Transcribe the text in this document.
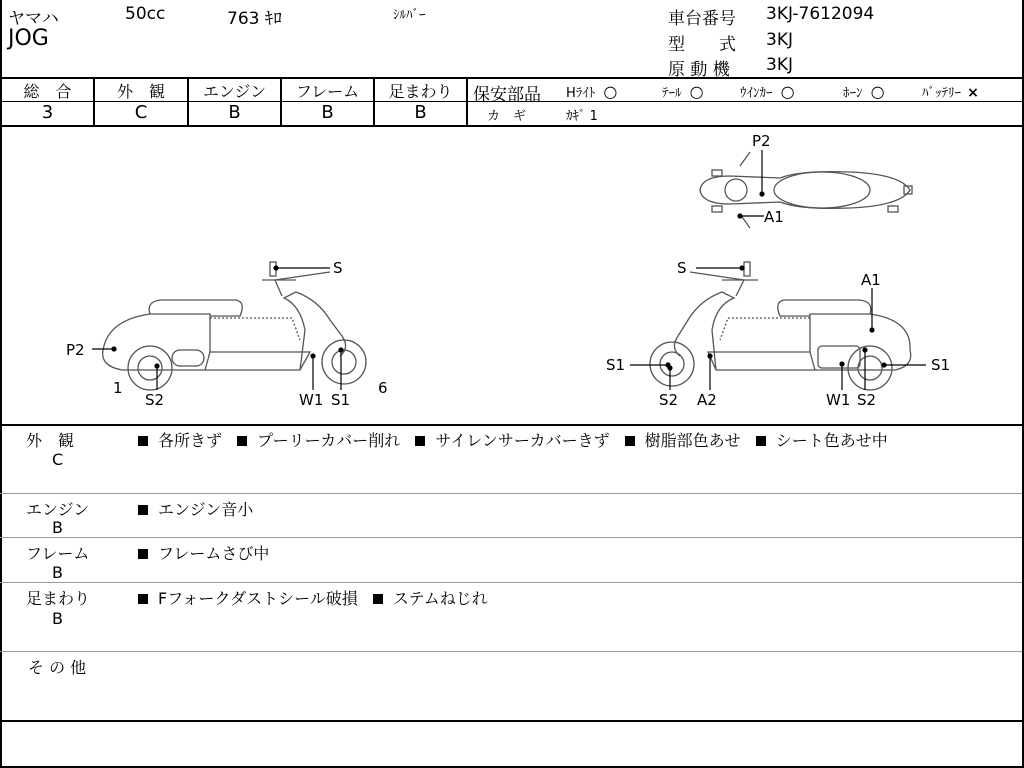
ヤマハ	50cc	763 ｷﾛ	ｼﾙﾊﾞｰ
JOG
車台番号 3KJ-7612094
型　　式 3KJ
原 動 機 3KJ
総　合
3
外　観
C
エンジン
B
フレーム
B
足まわり
B
保安部品 Hﾗｲﾄ ○	ﾃｰﾙ ○	ｳｲﾝｶｰ ○	ﾎｰﾝ ○	ﾊﾞｯﾃﾘｰ ×
カ　ギ	ｶｷﾞ 1
S
P2
1
S2	W1 S1
6
S
A1
S1
S2 A2	W1 S2
S1
P2
A1
外　観
C
各所きず プーリーカバー削れ サイレンサーカバーきず 樹脂部色あせ シート色あせ中
エンジン
B
エンジン音小
フレーム
B
フレームさび中
足まわり
B
Fフォークダストシール破損 ステムねじれ
そ の 他
